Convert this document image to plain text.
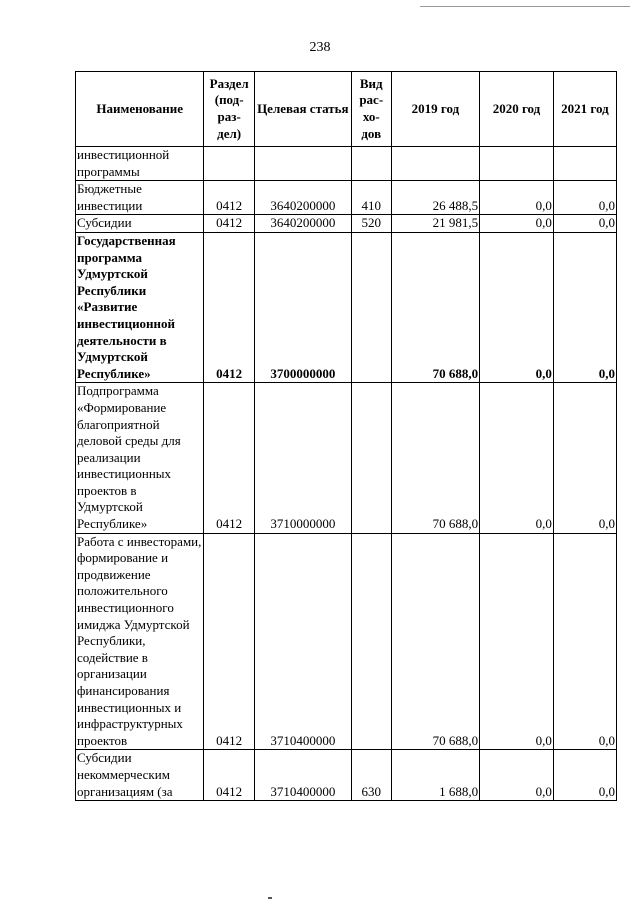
238
Наименование	Раздел (под- раз- дел)	Целевая статья	Вид рас- хо- дов	2019 год	2020 год	2021 год
инвестиционной программы						
Бюджетные инвестиции	0412	3640200000	410	26 488,5	0,0	0,0
Субсидии	0412	3640200000	520	21 981,5	0,0	0,0
Государственная программа Удмуртской Республики «Развитие инвестиционной деятельности в Удмуртской Республике»	0412	3700000000		70 688,0	0,0	0,0
Подпрограмма «Формирование благоприятной деловой среды для реализации инвестиционных проектов в Удмуртской Республике»	0412	3710000000		70 688,0	0,0	0,0
Работа с инвесторами, формирование и продвижение положительного инвестиционного имиджа Удмуртской Республики, содействие в организации финансирования инвестиционных и инфраструктурных проектов	0412	3710400000		70 688,0	0,0	0,0
Субсидии некоммерческим организациям (за	0412	3710400000	630	1 688,0	0,0	0,0
